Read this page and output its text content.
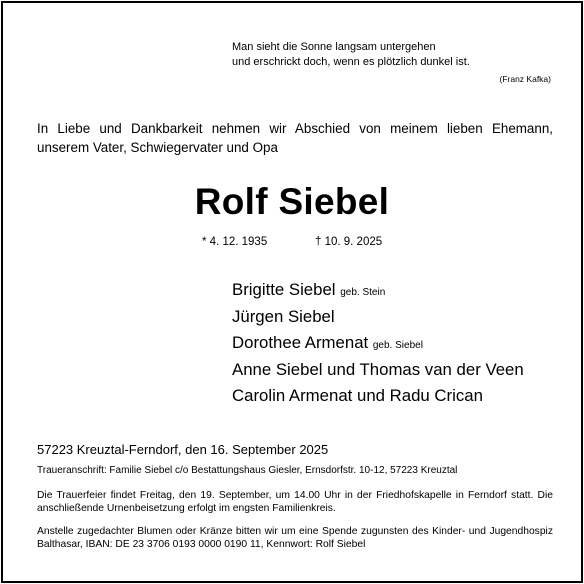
Man sieht die Sonne langsam untergehen
und erschrickt doch, wenn es plötzlich dunkel ist.
(Franz Kafka)
In Liebe und Dankbarkeit nehmen wir Abschied von meinem lieben Ehemann, unserem Vater, Schwiegervater und Opa
Rolf Siebel
* 4. 12. 1935	† 10. 9. 2025
Brigitte Siebel geb. Stein
Jürgen Siebel
Dorothee Armenat geb. Siebel
Anne Siebel und Thomas van der Veen
Carolin Armenat und Radu Crican
57223 Kreuztal-Ferndorf, den 16. September 2025
Traueranschrift: Familie Siebel c/o Bestattungshaus Giesler, Ernsdorfstr. 10-12, 57223 Kreuztal
Die Trauerfeier findet Freitag, den 19. September, um 14.00 Uhr in der Friedhofskapelle in Ferndorf statt. Die anschließende Urnenbeisetzung erfolgt im engsten Familienkreis.
Anstelle zugedachter Blumen oder Kränze bitten wir um eine Spende zugunsten des Kinder- und Jugendhospiz Balthasar, IBAN: DE 23 3706 0193 0000 0190 11, Kennwort: Rolf Siebel
